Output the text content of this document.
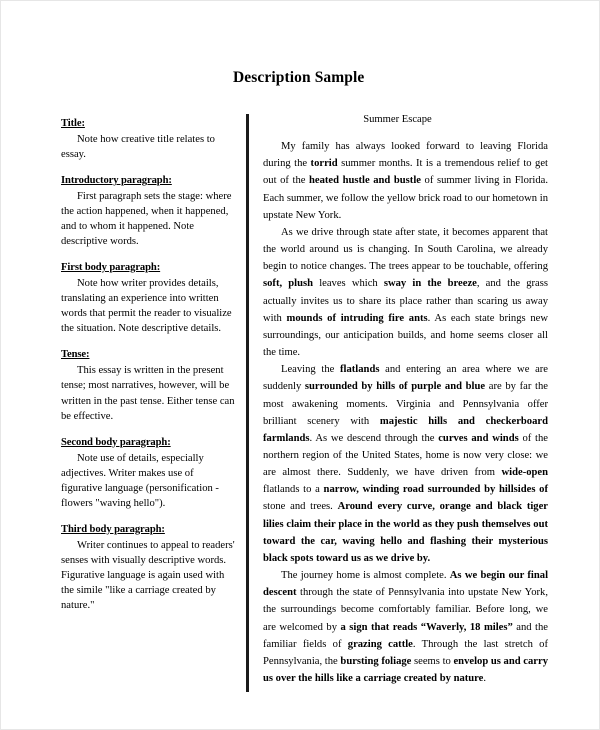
Description Sample
Title:
Note how creative title relates to essay.
Introductory paragraph:
First paragraph sets the stage: where the action happened, when it happened, and to whom it happened. Note descriptive words.
First body paragraph:
Note how writer provides details, translating an experience into written words that permit the reader to visualize the situation. Note descriptive details.
Tense:
This essay is written in the present tense; most narratives, however, will be written in the past tense. Either tense can be effective.
Second body paragraph:
Note use of details, especially adjectives. Writer makes use of figurative language (personification - flowers "waving hello").
Third body paragraph:
Writer continues to appeal to readers' senses with visually descriptive words. Figurative language is again used with the simile "like a carriage created by nature."
Summer Escape

My family has always looked forward to leaving Florida during the torrid summer months. It is a tremendous relief to get out of the heated hustle and bustle of summer living in Florida. Each summer, we follow the yellow brick road to our hometown in upstate New York.

As we drive through state after state, it becomes apparent that the world around us is changing. In South Carolina, we already begin to notice changes. The trees appear to be touchable, offering soft, plush leaves which sway in the breeze, and the grass actually invites us to share its place rather than scaring us away with mounds of intruding fire ants. As each state brings new surroundings, our anticipation builds, and home seems closer all the time.

Leaving the flatlands and entering an area where we are suddenly surrounded by hills of purple and blue are by far the most awakening moments. Virginia and Pennsylvania offer brilliant scenery with majestic hills and checkerboard farmlands. As we descend through the curves and winds of the northern region of the United States, home is now very close: we are almost there. Suddenly, we have driven from wide-open flatlands to a narrow, winding road surrounded by hillsides of stone and trees. Around every curve, orange and black tiger lilies claim their place in the world as they push themselves out toward the car, waving hello and flashing their mysterious black spots toward us as we drive by.

The journey home is almost complete. As we begin our final descent through the state of Pennsylvania into upstate New York, the surroundings become comfortably familiar. Before long, we are welcomed by a sign that reads “Waverly, 18 miles” and the familiar fields of grazing cattle. Through the last stretch of Pennsylvania, the bursting foliage seems to envelop us and carry us over the hills like a carriage created by nature.
